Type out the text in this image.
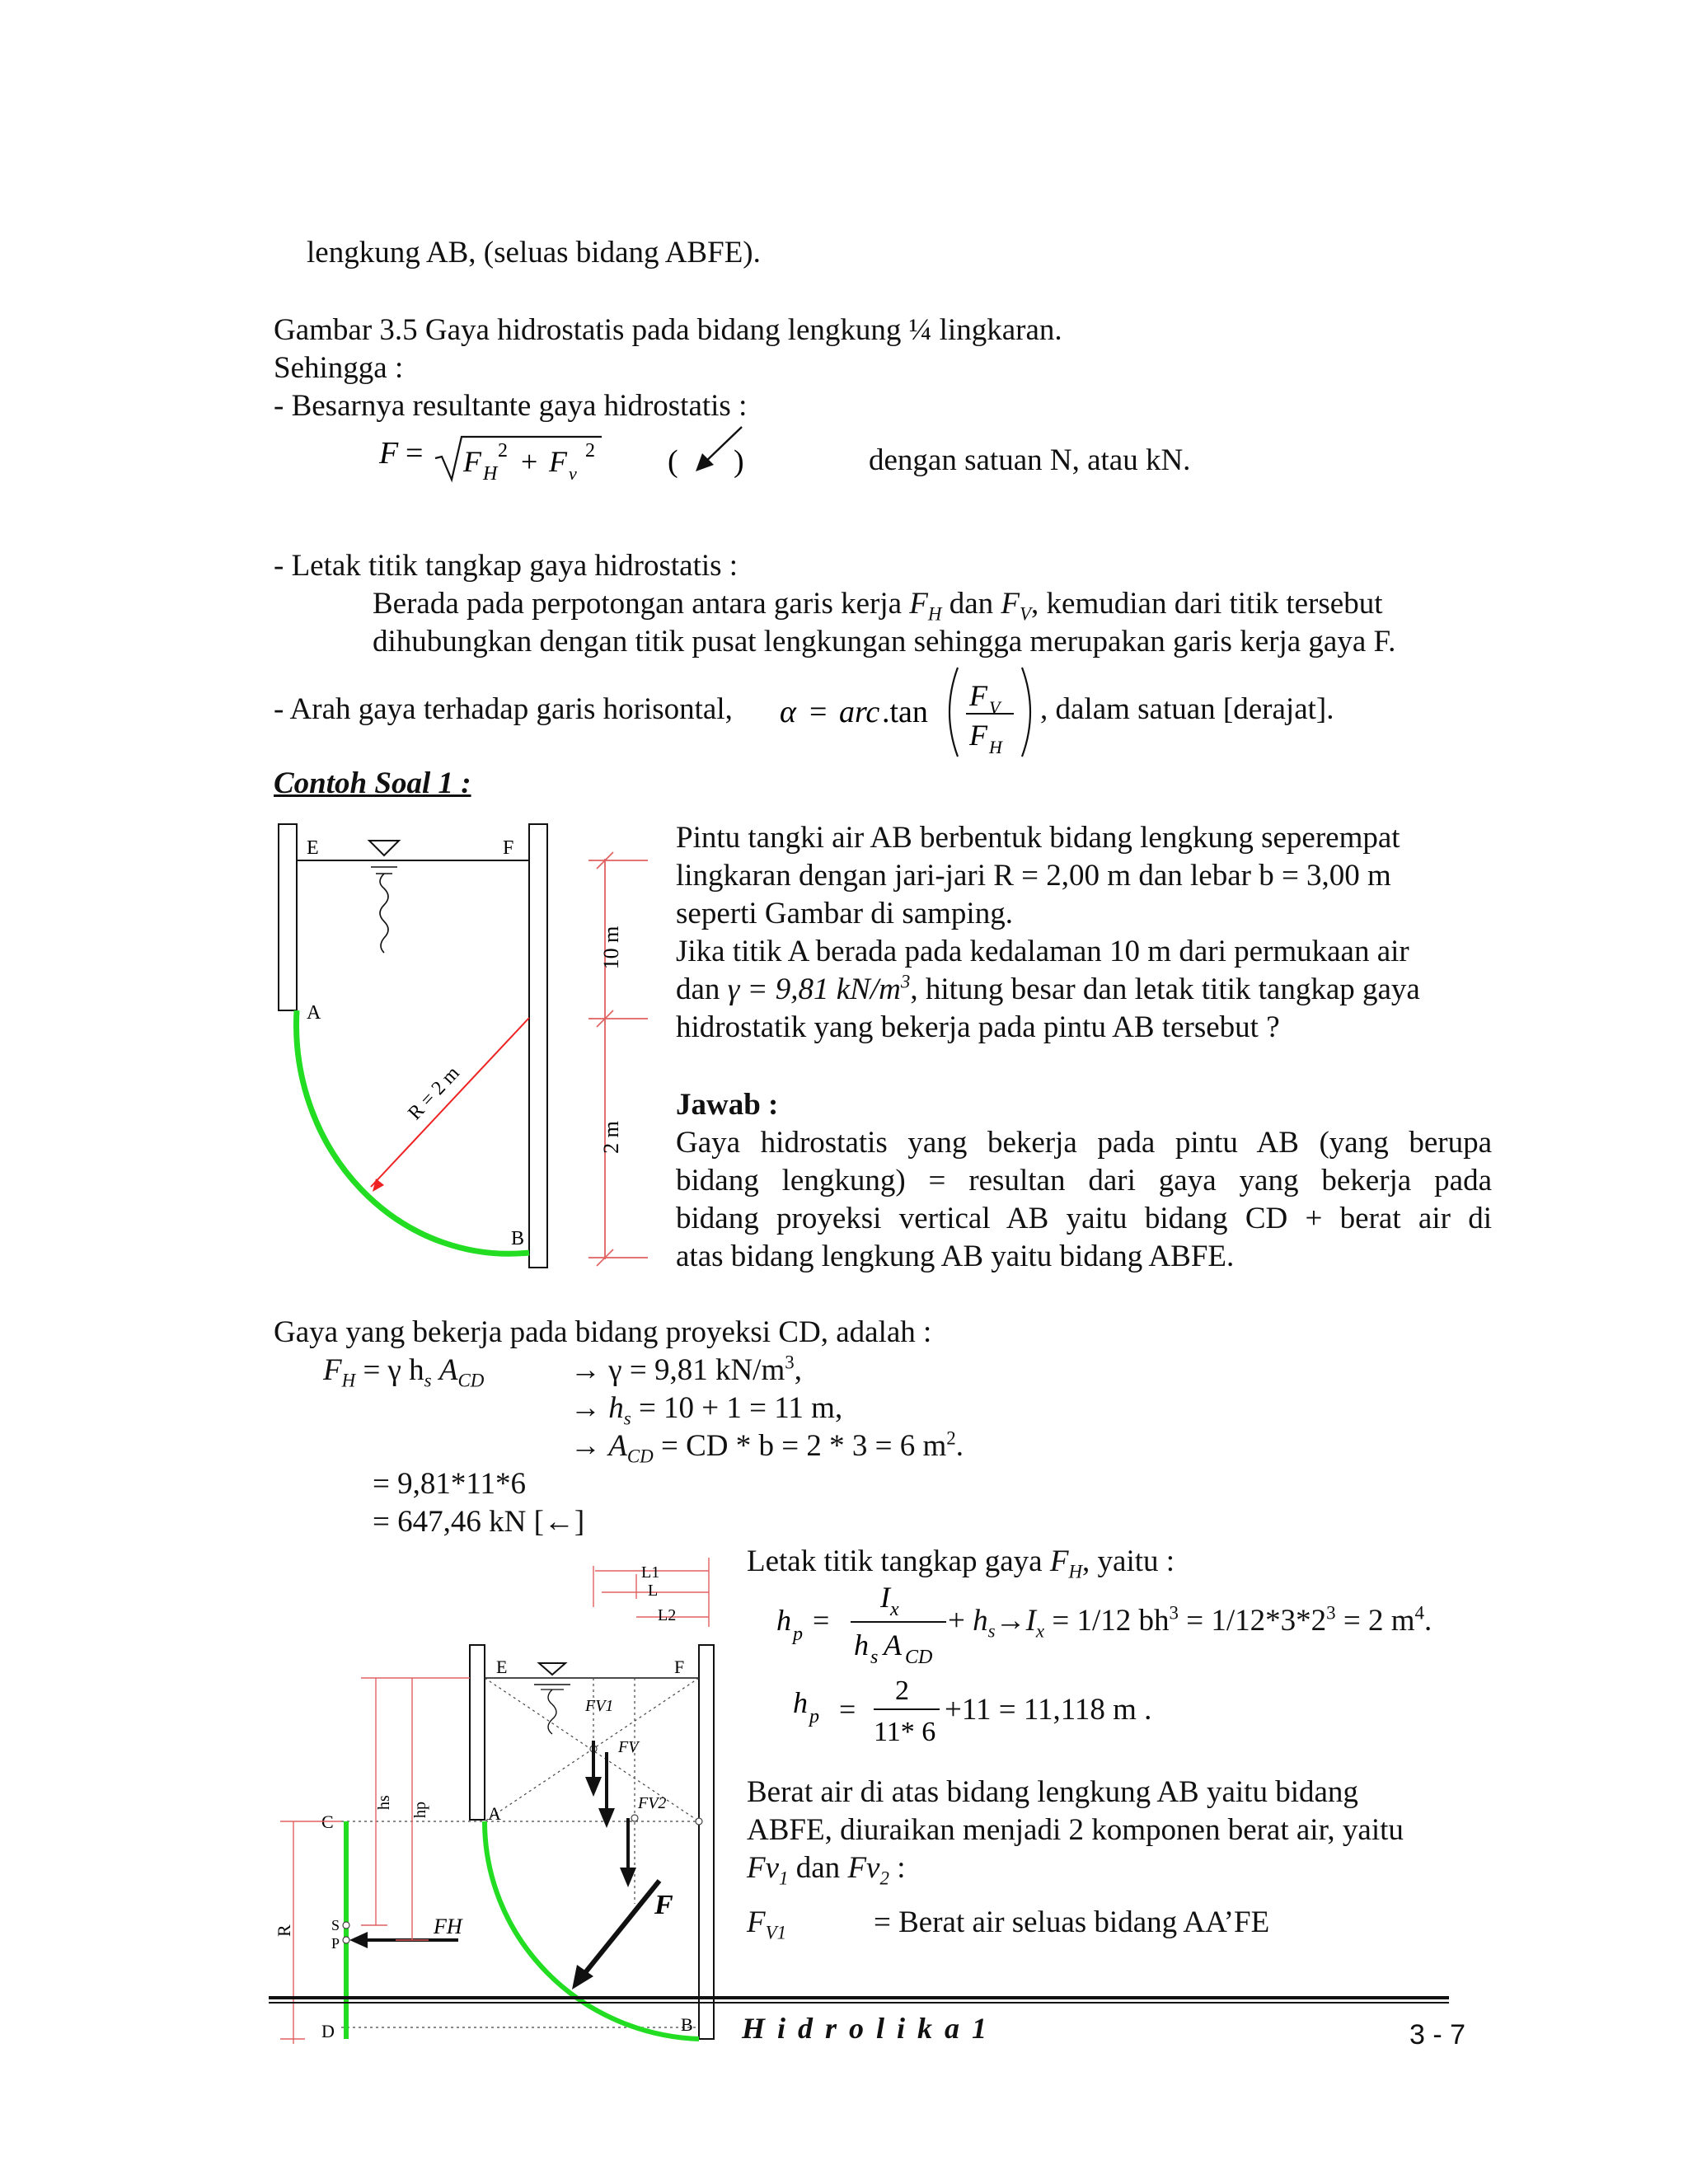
lengkung AB, (seluas bidang ABFE).
Gambar 3.5 Gaya hidrostatis pada bidang lengkung ¼ lingkaran.
Sehingga :
- Besarnya resultante gaya hidrostatis :
F = F H
2 + F v
2 ( )	dengan satuan N, atau kN.
- Letak titik tangkap gaya hidrostatis :
Berada pada perpotongan antara garis kerja $F_H$ dan $F_V$, kemudian dari titik tersebut
dihubungkan dengan titik pusat lengkungan sehingga merupakan garis kerja gaya F.
- Arah gaya terhadap garis horisontal, α = arc .tan F V
F H
, dalam satuan [derajat].
Contoh Soal 1 :
R = 2 m
E	F
A
B
10 m
2 m
Pintu tangki air AB berbentuk bidang lengkung seperempat
lingkaran dengan jari-jari R = 2,00 m dan lebar b = 3,00 m
seperti Gambar di samping.
Jika titik A berada pada kedalaman 10 m dari permukaan air
dan γ = 9,81 $kN/m^3$, hitung besar dan letak titik tangkap gaya
hidrostatik yang bekerja pada pintu AB tersebut ?
Jawab :
Gaya hidrostatis yang bekerja pada pintu AB (yang berupa
bidang lengkung) = resultan dari gaya yang bekerja pada
bidang proyeksi vertical AB yaitu bidang CD + berat air di
atas bidang lengkung AB yaitu bidang ABFE.
Gaya yang bekerja pada bidang proyeksi CD, adalah :
$F_H = \gamma$ $h_s$ $A_{CD}$	→ γ = 9,81 $kN/m^3$,
→ $h_s = 10 + 1 = 11$ m,
→ $A_{CD}$ = CD * b = 2 * 3 = 6 $m^2$.
= 9,81*11*6
= 647,46 kN [←]
Letak titik tangkap gaya $F_H$, yaitu :
h p =
I x
h s A CD
+ $h_s\to I_x = 1/12$ $bh^3 = 1/12*3*2^3 = 2$ $m^4$.
h p =
2
11* 6
+11 = 11,118 m .
Berat air di atas bidang lengkung AB yaitu bidang
ABFE, diuraikan menjadi 2 komponen berat air, yaitu
$Fv_1$ dan $Fv_2$ :
$F_{V1}$	= Berat air seluas bidang AA’FE
L1
L
L2
E	F
FV1
FV
FV2
F
A
B
C
D
S
P
FH
R
hs hp
H i d r o l i k a 1	3 - 7
